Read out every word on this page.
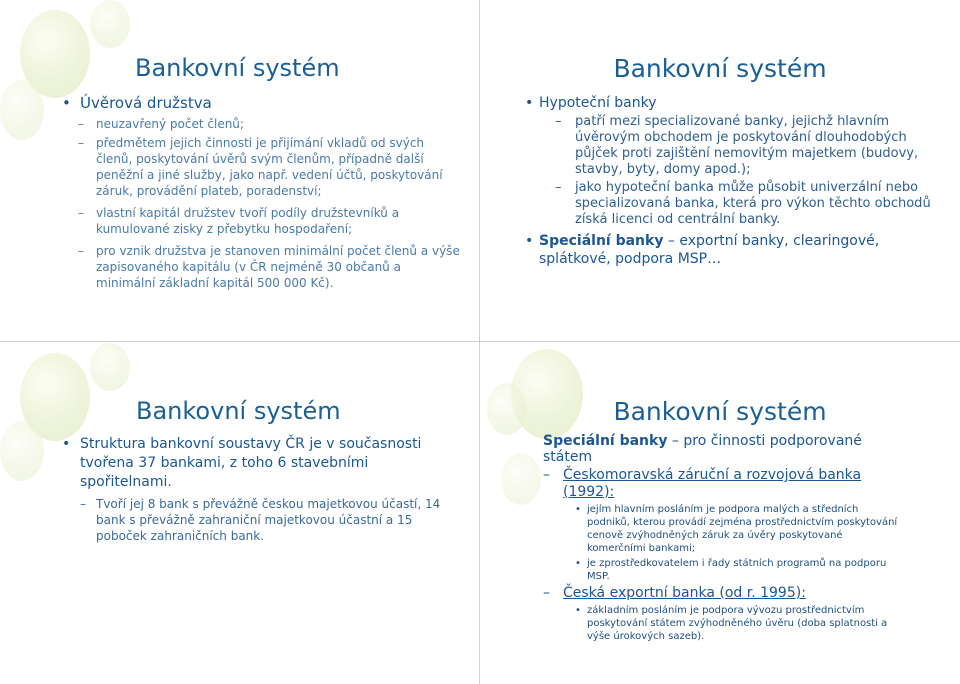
Bankovní systém
• Úvěrová družstva
– neuzavřený počet členů;
– předmětem jejich činnosti je přijímání vkladů od svých členů, poskytování úvěrů svým členům, případně další peněžní a jiné služby, jako např. vedení účtů, poskytování záruk, provádění plateb, poradenství;
– vlastní kapitál družstev tvoří podíly družstevníků a kumulované zisky z přebytku hospodaření;
– pro vznik družstva je stanoven minimální počet členů a výše zapisovaného kapitálu (v ČR nejméně 30 občanů a minimální základní kapitál 500 000 Kč).
Bankovní systém
• Hypoteční banky
– patří mezi specializované banky, jejichž hlavním úvěrovým obchodem je poskytování dlouhodobých půjček proti zajištění nemovitým majetkem (budovy, stavby, byty, domy apod.);
– jako hypoteční banka může působit univerzální nebo specializovaná banka, která pro výkon těchto obchodů získá licenci od centrální banky.
• Speciální banky – exportní banky, clearingové, splátkové, podpora MSP…
Bankovní systém
• Struktura bankovní soustavy ČR je v současnosti tvořena 37 bankami, z toho 6 stavebními spořitelnami.
– Tvoří jej 8 bank s převážně českou majetkovou účastí, 14 bank s převážně zahraniční majetkovou účastní a 15 poboček zahraničních bank.
Bankovní systém
Speciální banky – pro činnosti podporované státem
– Českomoravská záruční a rozvojová banka (1992):
• jejím hlavním posláním je podpora malých a středních podniků, kterou provádí zejména prostřednictvím poskytování cenově zvýhodněných záruk za úvěry poskytované komerčními bankami;
• je zprostředkovatelem i řady státních programů na podporu MSP.
– Česká exportní banka (od r. 1995):
• základním posláním je podpora vývozu prostřednictvím poskytování státem zvýhodněného úvěru (doba splatnosti a výše úrokových sazeb).
